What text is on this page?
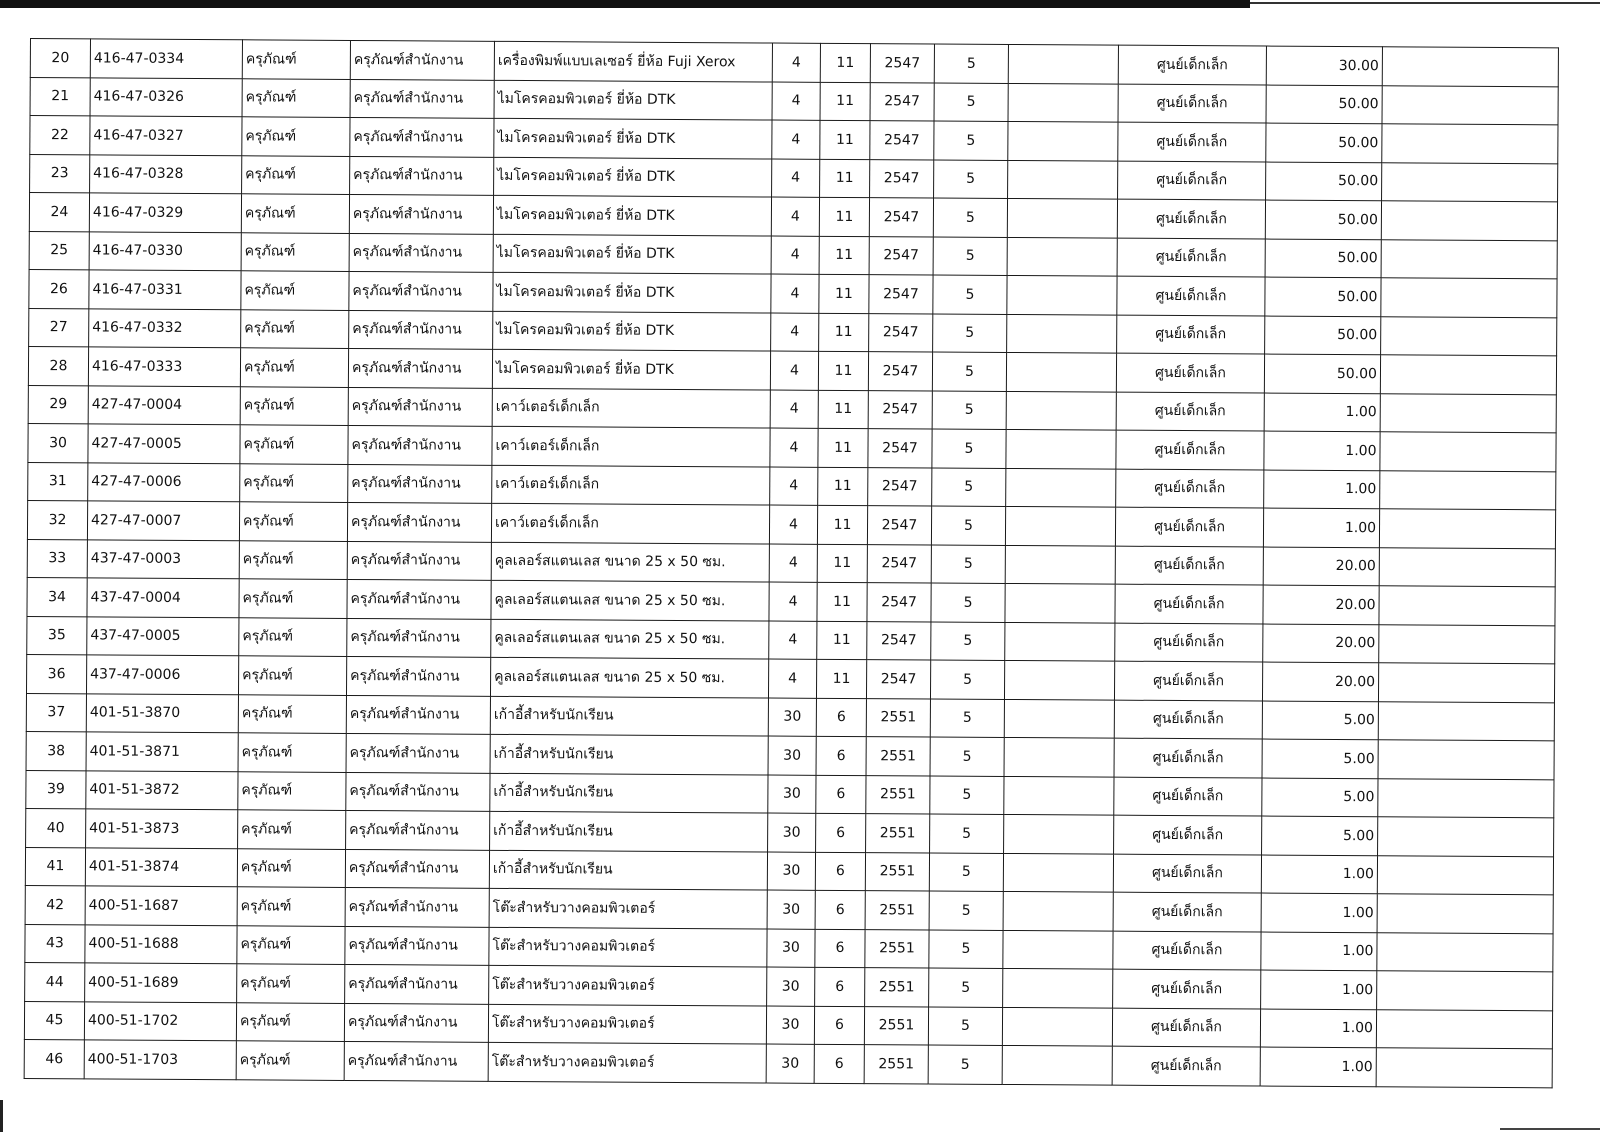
20	416-47-0334	ครุภัณฑ์	ครุภัณฑ์สำนักงาน	เครื่องพิมพ์แบบเลเซอร์ ยี่ห้อ Fuji Xerox	4	11	2547	5		ศูนย์เด็กเล็ก	30.00	
21	416-47-0326	ครุภัณฑ์	ครุภัณฑ์สำนักงาน	ไมโครคอมพิวเตอร์ ยี่ห้อ DTK	4	11	2547	5		ศูนย์เด็กเล็ก	50.00	
22	416-47-0327	ครุภัณฑ์	ครุภัณฑ์สำนักงาน	ไมโครคอมพิวเตอร์ ยี่ห้อ DTK	4	11	2547	5		ศูนย์เด็กเล็ก	50.00	
23	416-47-0328	ครุภัณฑ์	ครุภัณฑ์สำนักงาน	ไมโครคอมพิวเตอร์ ยี่ห้อ DTK	4	11	2547	5		ศูนย์เด็กเล็ก	50.00	
24	416-47-0329	ครุภัณฑ์	ครุภัณฑ์สำนักงาน	ไมโครคอมพิวเตอร์ ยี่ห้อ DTK	4	11	2547	5		ศูนย์เด็กเล็ก	50.00	
25	416-47-0330	ครุภัณฑ์	ครุภัณฑ์สำนักงาน	ไมโครคอมพิวเตอร์ ยี่ห้อ DTK	4	11	2547	5		ศูนย์เด็กเล็ก	50.00	
26	416-47-0331	ครุภัณฑ์	ครุภัณฑ์สำนักงาน	ไมโครคอมพิวเตอร์ ยี่ห้อ DTK	4	11	2547	5		ศูนย์เด็กเล็ก	50.00	
27	416-47-0332	ครุภัณฑ์	ครุภัณฑ์สำนักงาน	ไมโครคอมพิวเตอร์ ยี่ห้อ DTK	4	11	2547	5		ศูนย์เด็กเล็ก	50.00	
28	416-47-0333	ครุภัณฑ์	ครุภัณฑ์สำนักงาน	ไมโครคอมพิวเตอร์ ยี่ห้อ DTK	4	11	2547	5		ศูนย์เด็กเล็ก	50.00	
29	427-47-0004	ครุภัณฑ์	ครุภัณฑ์สำนักงาน	เคาว์เตอร์เด็กเล็ก	4	11	2547	5		ศูนย์เด็กเล็ก	1.00	
30	427-47-0005	ครุภัณฑ์	ครุภัณฑ์สำนักงาน	เคาว์เตอร์เด็กเล็ก	4	11	2547	5		ศูนย์เด็กเล็ก	1.00	
31	427-47-0006	ครุภัณฑ์	ครุภัณฑ์สำนักงาน	เคาว์เตอร์เด็กเล็ก	4	11	2547	5		ศูนย์เด็กเล็ก	1.00	
32	427-47-0007	ครุภัณฑ์	ครุภัณฑ์สำนักงาน	เคาว์เตอร์เด็กเล็ก	4	11	2547	5		ศูนย์เด็กเล็ก	1.00	
33	437-47-0003	ครุภัณฑ์	ครุภัณฑ์สำนักงาน	คูลเลอร์สแตนเลส ขนาด 25 x 50 ซม.	4	11	2547	5		ศูนย์เด็กเล็ก	20.00	
34	437-47-0004	ครุภัณฑ์	ครุภัณฑ์สำนักงาน	คูลเลอร์สแตนเลส ขนาด 25 x 50 ซม.	4	11	2547	5		ศูนย์เด็กเล็ก	20.00	
35	437-47-0005	ครุภัณฑ์	ครุภัณฑ์สำนักงาน	คูลเลอร์สแตนเลส ขนาด 25 x 50 ซม.	4	11	2547	5		ศูนย์เด็กเล็ก	20.00	
36	437-47-0006	ครุภัณฑ์	ครุภัณฑ์สำนักงาน	คูลเลอร์สแตนเลส ขนาด 25 x 50 ซม.	4	11	2547	5		ศูนย์เด็กเล็ก	20.00	
37	401-51-3870	ครุภัณฑ์	ครุภัณฑ์สำนักงาน	เก้าอี้สำหรับนักเรียน	30	6	2551	5		ศูนย์เด็กเล็ก	5.00	
38	401-51-3871	ครุภัณฑ์	ครุภัณฑ์สำนักงาน	เก้าอี้สำหรับนักเรียน	30	6	2551	5		ศูนย์เด็กเล็ก	5.00	
39	401-51-3872	ครุภัณฑ์	ครุภัณฑ์สำนักงาน	เก้าอี้สำหรับนักเรียน	30	6	2551	5		ศูนย์เด็กเล็ก	5.00	
40	401-51-3873	ครุภัณฑ์	ครุภัณฑ์สำนักงาน	เก้าอี้สำหรับนักเรียน	30	6	2551	5		ศูนย์เด็กเล็ก	5.00	
41	401-51-3874	ครุภัณฑ์	ครุภัณฑ์สำนักงาน	เก้าอี้สำหรับนักเรียน	30	6	2551	5		ศูนย์เด็กเล็ก	1.00	
42	400-51-1687	ครุภัณฑ์	ครุภัณฑ์สำนักงาน	โต๊ะสำหรับวางคอมพิวเตอร์	30	6	2551	5		ศูนย์เด็กเล็ก	1.00	
43	400-51-1688	ครุภัณฑ์	ครุภัณฑ์สำนักงาน	โต๊ะสำหรับวางคอมพิวเตอร์	30	6	2551	5		ศูนย์เด็กเล็ก	1.00	
44	400-51-1689	ครุภัณฑ์	ครุภัณฑ์สำนักงาน	โต๊ะสำหรับวางคอมพิวเตอร์	30	6	2551	5		ศูนย์เด็กเล็ก	1.00	
45	400-51-1702	ครุภัณฑ์	ครุภัณฑ์สำนักงาน	โต๊ะสำหรับวางคอมพิวเตอร์	30	6	2551	5		ศูนย์เด็กเล็ก	1.00	
46	400-51-1703	ครุภัณฑ์	ครุภัณฑ์สำนักงาน	โต๊ะสำหรับวางคอมพิวเตอร์	30	6	2551	5		ศูนย์เด็กเล็ก	1.00	
